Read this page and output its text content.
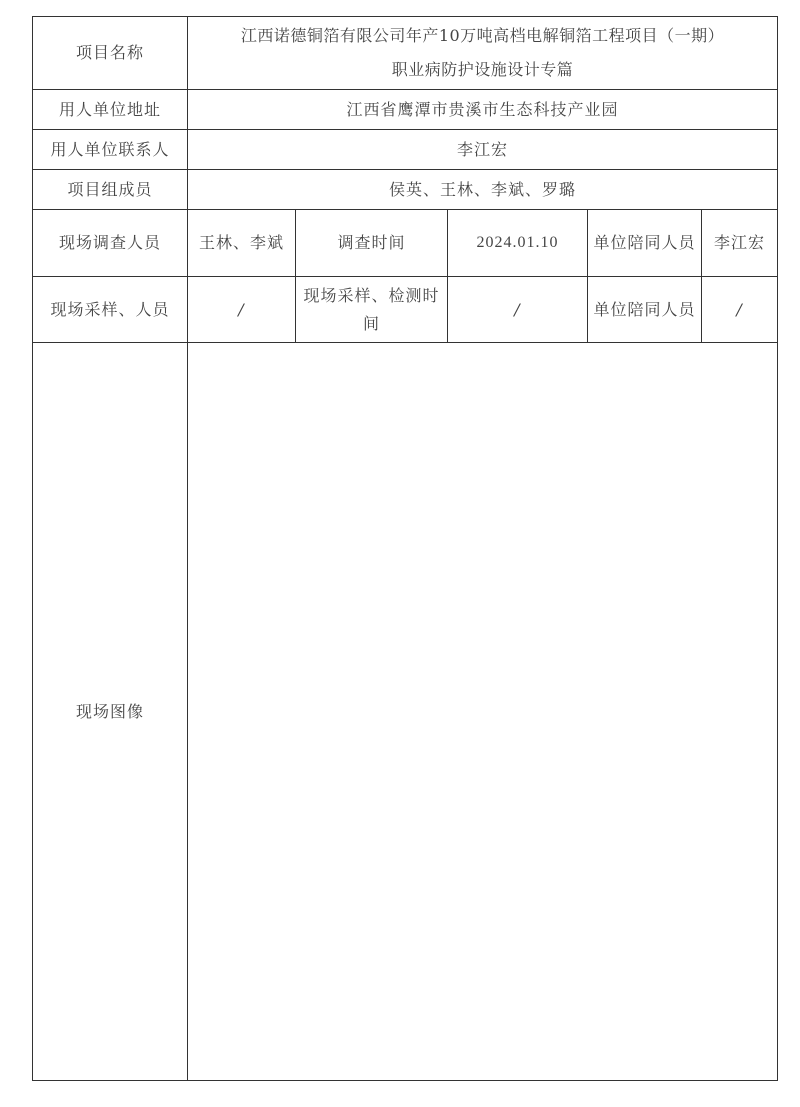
项目名称	江西诺德铜箔有限公司年产10万吨高档电解铜箔工程项目（一期）
职业病防护设施设计专篇				

用人单位地址	江西省鹰潭市贵溪市生态科技产业园				
用人单位联系人	李江宏				
项目组成员	侯英、王林、李斌、罗璐				
现场调查人员	王林、李斌	调查时间	2024.01.10	单位陪同人员	李江宏
现场采样、人员	/	现场采样、检测时间	/	单位陪同人员	/
现场图像					
